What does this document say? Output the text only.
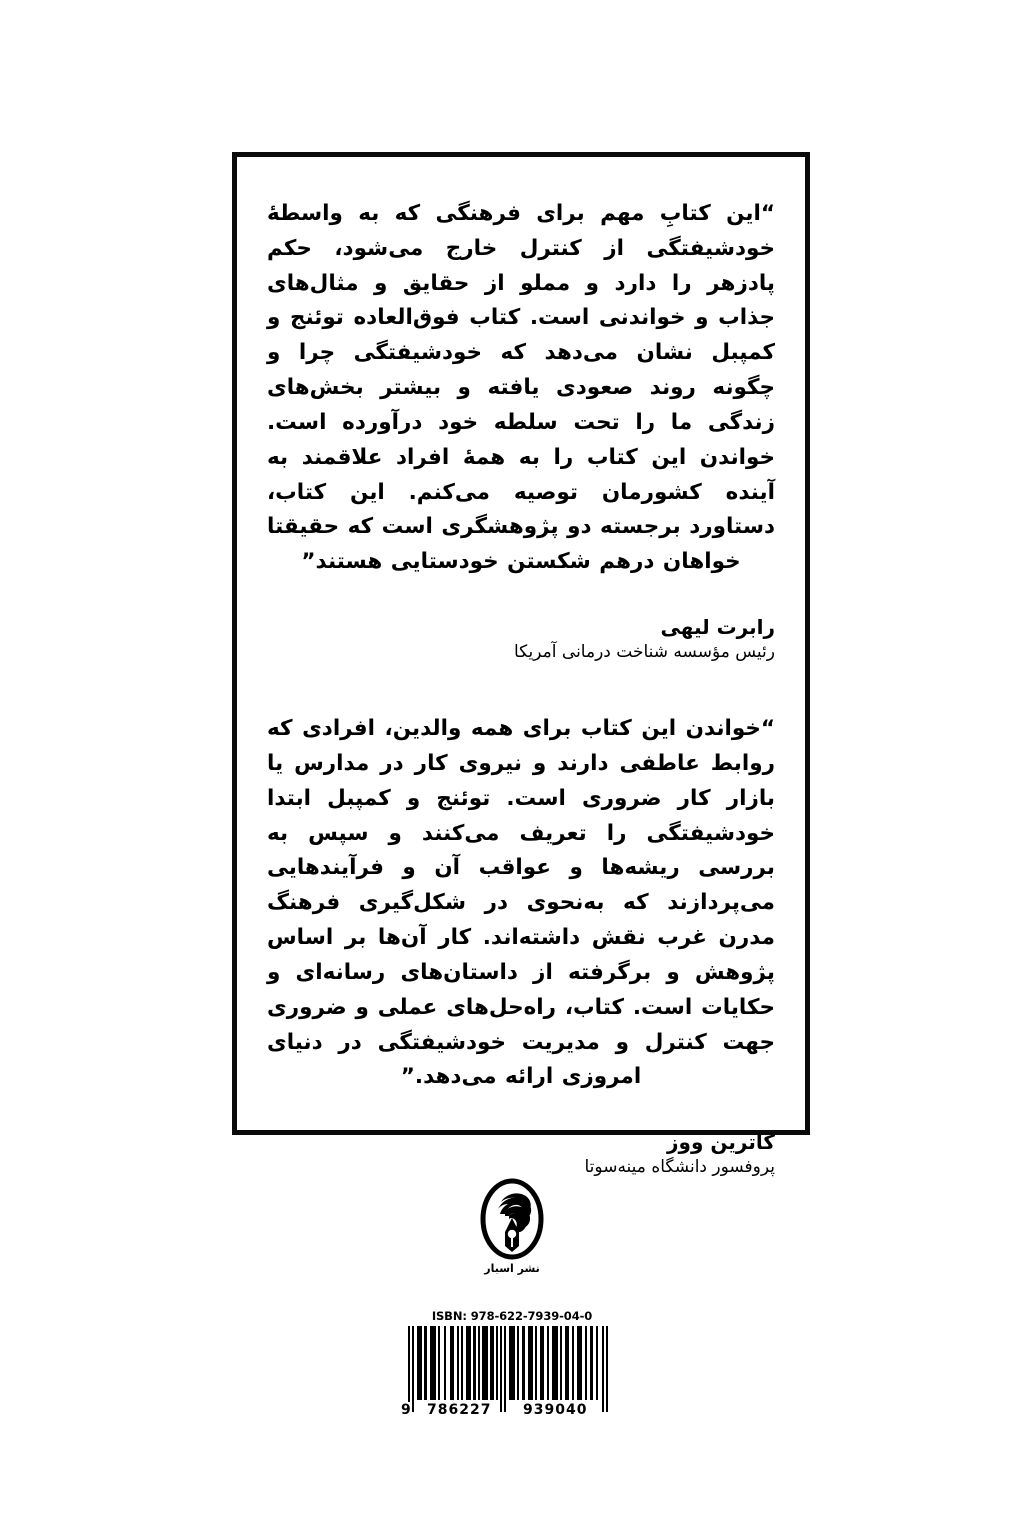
“این کتابِ مهم برای فرهنگی که به واسطهٔ خودشیفتگی از کنترل خارج می‌شود، حکم پادزهر را دارد و مملو از حقایق و مثال‌های جذاب و خواندنی است. کتاب فوق‌العاده توئنج و کمپبل نشان می‌دهد که خودشیفتگی چرا و چگونه روند صعودی یافته و بیشتر بخش‌های زندگی ما را تحت سلطه خود درآورده است. خواندن این کتاب را به همهٔ افراد علاقمند به آینده کشورمان توصیه می‌کنم. این کتاب، دستاورد برجسته دو پژوهشگری است که حقیقتا خواهان درهم شکستن خودستایی هستند”

رابرت لیهی
رئیس مؤسسه شناخت درمانی آمریکا

“خواندن این کتاب برای همه والدین، افرادی که روابط عاطفی دارند و نیروی کار در مدارس یا بازار کار ضروری است. توئنج و کمپبل ابتدا خودشیفتگی را تعریف می‌کنند و سپس به بررسی ریشه‌ها و عواقب آن و فرآیندهایی می‌پردازند که به‌نحوی در شکل‌گیری فرهنگ مدرن غرب نقش داشته‌اند. کار آن‌ها بر اساس پژوهش و برگرفته از داستان‌های رسانه‌ای و حکایات است. کتاب، راه‌حل‌های عملی و ضروری جهت کنترل و مدیریت خودشیفتگی در دنیای امروزی ارائه می‌دهد.”

کاترین ووز
پروفسور دانشگاه مینه‌سوتا
نشر اسبار
ISBN: 978-622-7939-04-0
9 786227 939040
